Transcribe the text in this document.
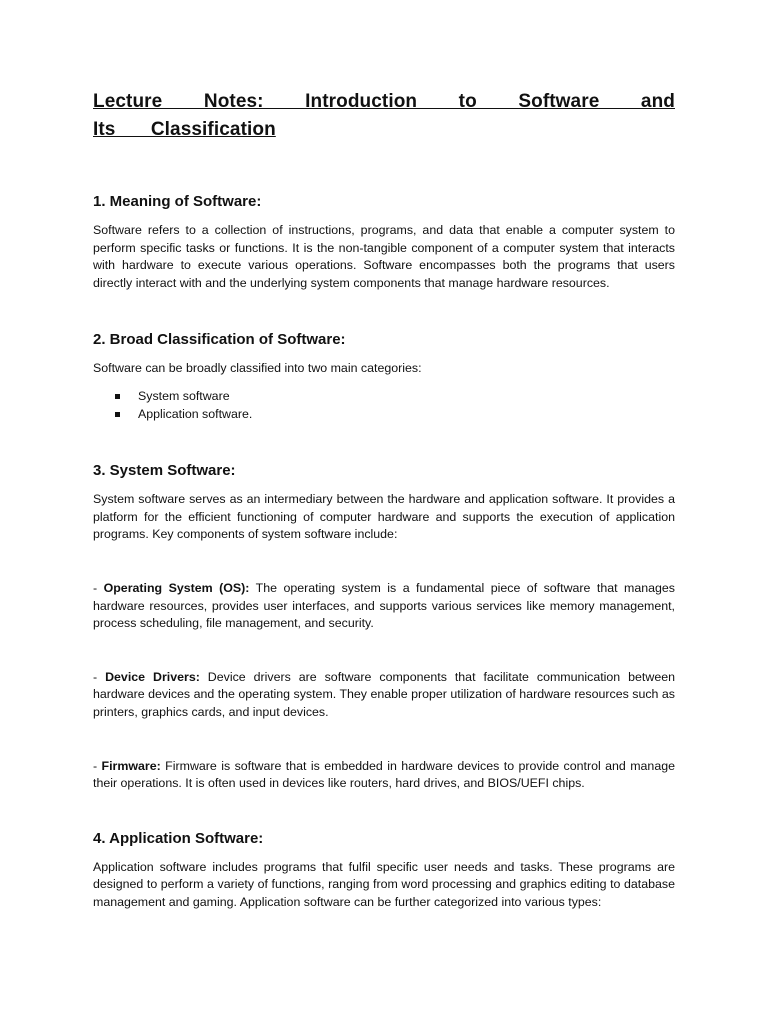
Lecture Notes: Introduction to Software and Its Classification
1. Meaning of Software:

Software refers to a collection of instructions, programs, and data that enable a computer system to perform specific tasks or functions. It is the non-tangible component of a computer system that interacts with hardware to execute various operations. Software encompasses both the programs that users directly interact with and the underlying system components that manage hardware resources.

2. Broad Classification of Software:

Software can be broadly classified into two main categories:

System software
Application software.
3. System Software:

System software serves as an intermediary between the hardware and application software. It provides a platform for the efficient functioning of computer hardware and supports the execution of application programs. Key components of system software include:

- Operating System (OS): The operating system is a fundamental piece of software that manages hardware resources, provides user interfaces, and supports various services like memory management, process scheduling, file management, and security.

- Device Drivers: Device drivers are software components that facilitate communication between hardware devices and the operating system. They enable proper utilization of hardware resources such as printers, graphics cards, and input devices.

- Firmware: Firmware is software that is embedded in hardware devices to provide control and manage their operations. It is often used in devices like routers, hard drives, and BIOS/UEFI chips.

4. Application Software:

Application software includes programs that fulfil specific user needs and tasks. These programs are designed to perform a variety of functions, ranging from word processing and graphics editing to database management and gaming. Application software can be further categorized into various types:
